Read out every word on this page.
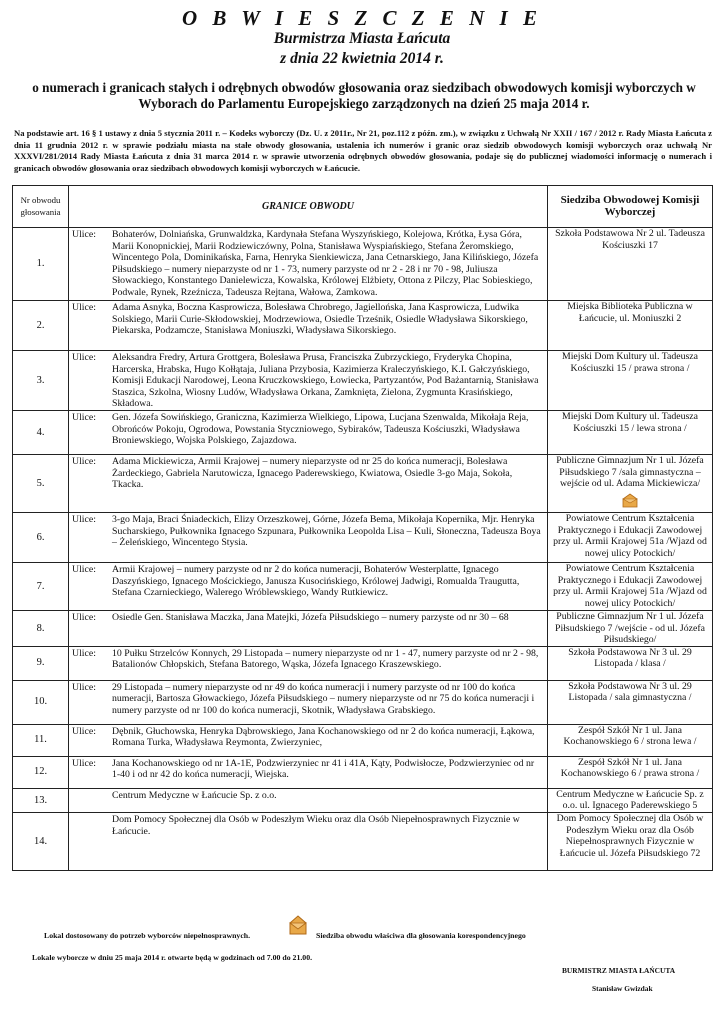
O B W I E S Z C Z E N I E
Burmistrza Miasta Łańcuta
z dnia 22 kwietnia 2014 r.
o numerach i granicach stałych i odrębnych obwodów głosowania oraz siedzibach obwodowych komisji wyborczych w Wyborach do Parlamentu Europejskiego zarządzonych na dzień 25 maja 2014 r.
Na podstawie art. 16 § 1 ustawy z dnia 5 stycznia 2011 r. – Kodeks wyborczy (Dz. U. z 2011r., Nr 21, poz.112 z późn. zm.), w związku z Uchwałą Nr XXII / 167 / 2012 r. Rady Miasta Łańcuta z dnia 11 grudnia 2012 r. w sprawie podziału miasta na stałe obwody głosowania, ustalenia ich numerów i granic oraz siedzib obwodowych komisji wyborczych oraz uchwałą Nr XXXVI/281/2014 Rady Miasta Łańcuta z dnia 31 marca 2014 r. w sprawie utworzenia odrębnych obwodów głosowania, podaje się do publicznej wiadomości informację o numerach i granicach obwodów głosowania oraz siedzibach obwodowych komisji wyborczych w Łańcucie.
Nr obwodu głosowania	GRANICE OBWODU	Siedziba Obwodowej Komisji Wyborczej
1.	Ulice: Bohaterów, Dolniańska, Grunwaldzka, Kardynała Stefana Wyszyńskiego, Kolejowa, Krótka, Łysa Góra, Marii Konopnickiej, Marii Rodziewiczówny, Polna, Stanisława Wyspiańskiego, Stefana Żeromskiego, Wincentego Pola, Dominikańska, Farna, Henryka Sienkiewicza, Jana Cetnarskiego, Jana Kilińskiego, Józefa Piłsudskiego – numery nieparzyste od nr 1 - 73, numery parzyste od nr 2 - 28 i nr 70 - 98, Juliusza Słowackiego, Konstantego Danielewicza, Kowalska, Królowej Elżbiety, Ottona z Pilczy, Plac Sobieskiego, Podwale, Rynek, Rzeźnicza, Tadeusza Rejtana, Wałowa, Zamkowa.	Szkoła Podstawowa Nr 2 ul. Tadeusza Kościuszki 17

2.	Ulice: Adama Asnyka, Boczna Kasprowicza, Bolesława Chrobrego, Jagiellońska, Jana Kasprowicza, Ludwika Solskiego, Marii Curie-Skłodowskiej, Modrzewiowa, Osiedle Trześnik, Osiedle Władysława Sikorskiego, Piekarska, Podzamcze, Stanisława Moniuszki, Władysława Sikorskiego.	Miejska Biblioteka Publiczna w Łańcucie, ul. Moniuszki 2

3.	Ulice: Aleksandra Fredry, Artura Grottgera, Bolesława Prusa, Franciszka Zubrzyckiego, Fryderyka Chopina, Harcerska, Hrabska, Hugo Kołłątaja, Juliana Przybosia, Kazimierza Kraleczyńskiego, K.I. Gałczyńskiego, Komisji Edukacji Narodowej, Leona Kruczkowskiego, Łowiecka, Partyzantów, Pod Bażantarnią, Stanisława Staszica, Szkolna, Wiosny Ludów, Władysława Orkana, Zamknięta, Zielona, Zygmunta Krasińskiego, Składowa.	Miejski Dom Kultury ul. Tadeusza Kościuszki 15 / prawa strona /

4.	Ulice: Gen. Józefa Sowińskiego, Graniczna, Kazimierza Wielkiego, Lipowa, Lucjana Szenwalda, Mikołaja Reja, Obrońców Pokoju, Ogrodowa, Powstania Styczniowego, Sybiraków, Tadeusza Kościuszki, Władysława Broniewskiego, Wojska Polskiego, Zajazdowa.	Miejski Dom Kultury ul. Tadeusza Kościuszki 15 / lewa strona /

5.	Ulice: Adama Mickiewicza, Armii Krajowej – numery nieparzyste od nr 25 do końca numeracji, Bolesława Żardeckiego, Gabriela Narutowicza, Ignacego Paderewskiego, Kwiatowa, Osiedle 3-go Maja, Sokoła, Tkacka.	Publiczne Gimnazjum Nr 1 ul. Józefa Piłsudskiego 7 /sala gimnastyczna – wejście od ul. Adama Mickiewicza/

6.	Ulice: 3-go Maja, Braci Śniadeckich, Elizy Orzeszkowej, Górne, Józefa Bema, Mikołaja Kopernika, Mjr. Henryka Sucharskiego, Pułkownika Ignacego Szpunara, Pułkownika Leopolda Lisa – Kuli, Słoneczna, Tadeusza Boya – Żeleńskiego, Wincentego Stysia.	Powiatowe Centrum Kształcenia Praktycznego i Edukacji Zawodowej przy ul. Armii Krajowej 51a /Wjazd od nowej ulicy Potockich/

7.	Ulice: Armii Krajowej – numery parzyste od nr 2 do końca numeracji, Bohaterów Westerplatte, Ignacego Daszyńskiego, Ignacego Mościckiego, Janusza Kusocińskiego, Królowej Jadwigi, Romualda Traugutta, Stefana Czarnieckiego, Walerego Wróblewskiego, Wandy Rutkiewicz.	Powiatowe Centrum Kształcenia Praktycznego i Edukacji Zawodowej przy ul. Armii Krajowej 51a /Wjazd od nowej ulicy Potockich/

8.	Ulice: Osiedle Gen. Stanisława Maczka, Jana Matejki, Józefa Piłsudskiego – numery parzyste od nr 30 – 68	Publiczne Gimnazjum Nr 1 ul. Józefa Piłsudskiego 7 /wejście - od ul. Józefa Piłsudskiego/

9.	Ulice: 10 Pułku Strzelców Konnych, 29 Listopada – numery nieparzyste od nr 1 - 47, numery parzyste od nr 2 - 98, Batalionów Chłopskich, Stefana Batorego, Wąska, Józefa Ignacego Kraszewskiego.	Szkoła Podstawowa Nr 3 ul. 29 Listopada / klasa /

10.	Ulice: 29 Listopada – numery nieparzyste od nr 49 do końca numeracji i numery parzyste od nr 100 do końca numeracji, Bartosza Głowackiego, Józefa Piłsudskiego – numery nieparzyste od nr 75 do końca numeracji i numery parzyste od nr 100 do końca numeracji, Skotnik, Władysława Grabskiego.	Szkoła Podstawowa Nr 3 ul. 29 Listopada / sala gimnastyczna /

11.	Ulice: Dębnik, Głuchowska, Henryka Dąbrowskiego, Jana Kochanowskiego od nr 2 do końca numeracji, Łąkowa, Romana Turka, Władysława Reymonta, Zwierzyniec,	Zespół Szkół Nr 1 ul. Jana Kochanowskiego 6 / strona lewa /

12.	Ulice: Jana Kochanowskiego od nr 1A-1E, Podzwierzyniec nr 41 i 41A, Kąty, Podwisłocze, Podzwierzyniec od nr 1-40 i od nr 42 do końca numeracji, Wiejska.	Zespół Szkół Nr 1 ul. Jana Kochanowskiego 6 / prawa strona /

13.	Centrum Medyczne w Łańcucie Sp. z o.o.	Centrum Medyczne w Łańcucie Sp. z o.o. ul. Ignacego Paderewskiego 5

14.	Dom Pomocy Społecznej dla Osób w Podeszłym Wieku oraz dla Osób Niepełnosprawnych Fizycznie w Łańcucie.	Dom Pomocy Społecznej dla Osób w Podeszłym Wieku oraz dla Osób Niepełnosprawnych Fizycznie w Łańcucie ul. Józefa Piłsudskiego 72
Lokal dostosowany do potrzeb wyborców niepełnosprawnych.	Siedziba obwodu właściwa dla głosowania korespondencyjnego
Lokale wyborcze w dniu 25 maja 2014 r. otwarte będą w godzinach od 7.00 do 21.00.
BURMISTRZ MIASTA ŁAŃCUTA
Stanisław Gwizdak
